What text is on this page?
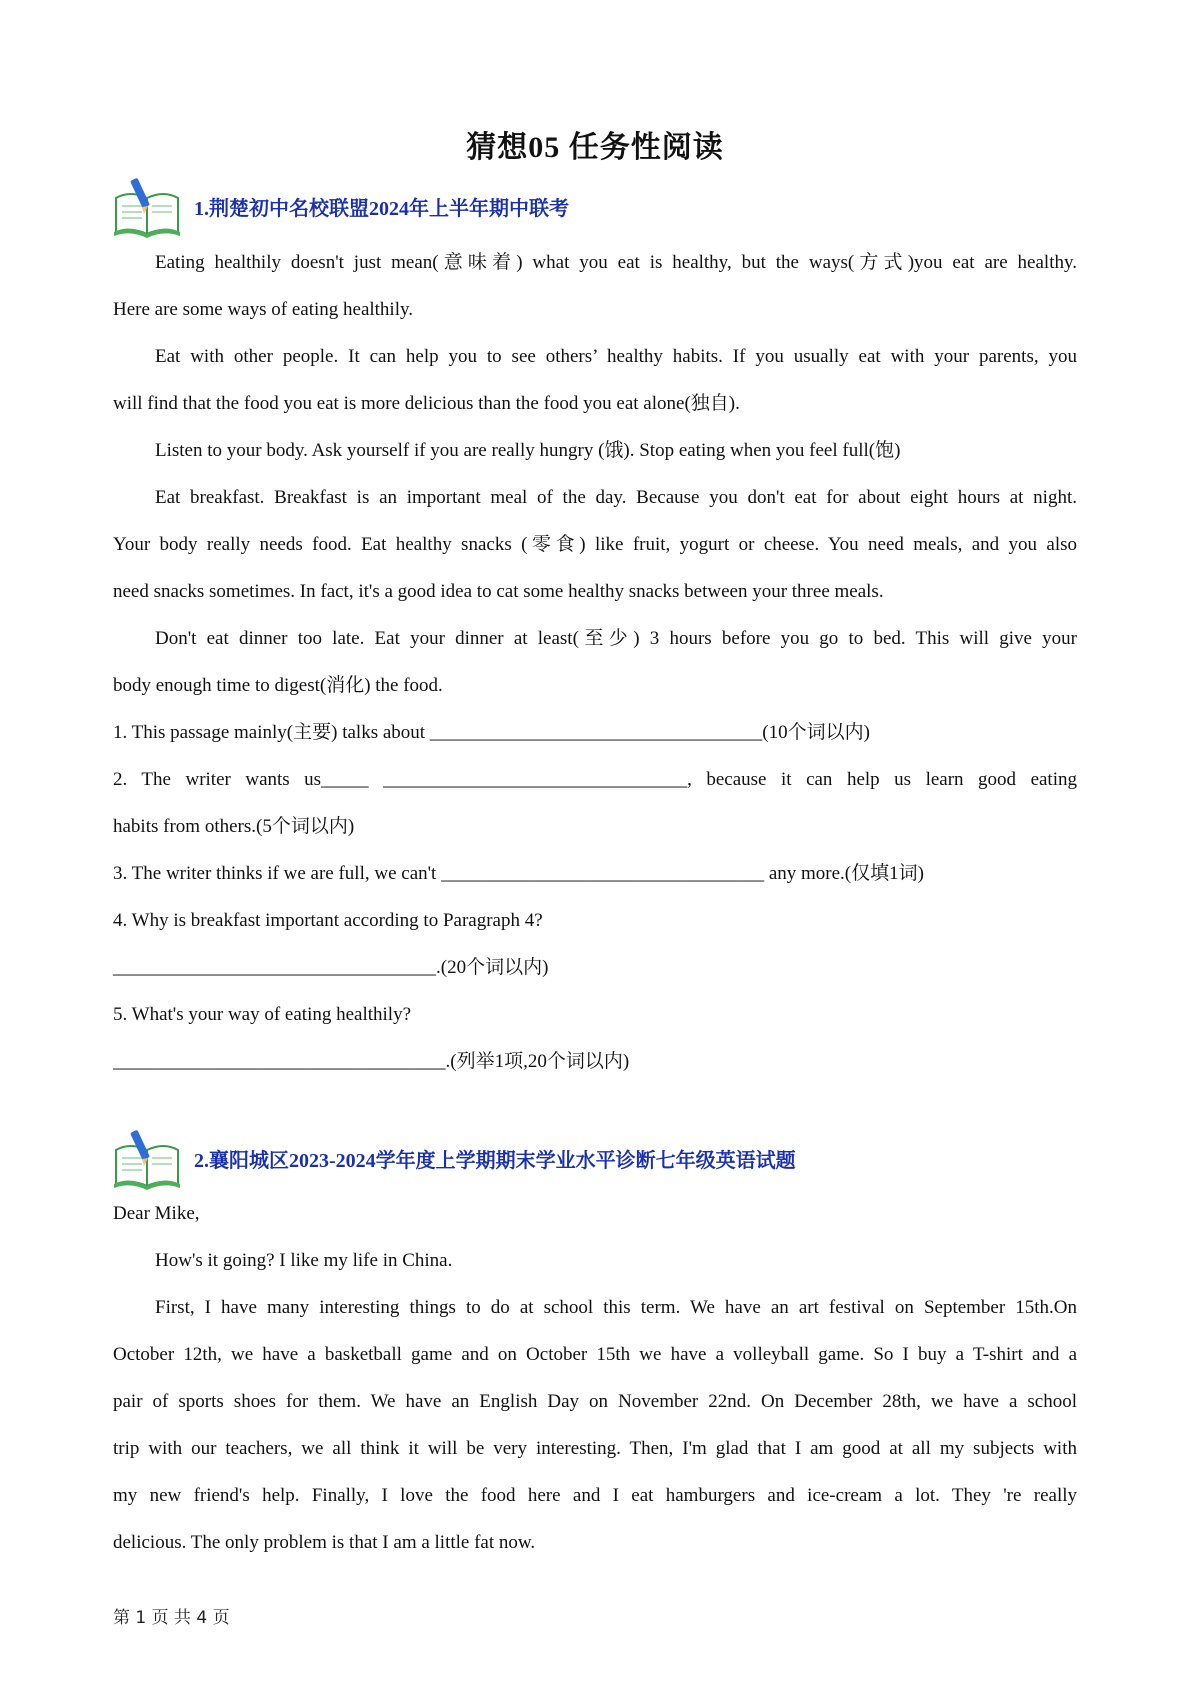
猜想05 任务性阅读
1.荆楚初中名校联盟2024年上半年期中联考
Eating healthily doesn't just mean(意味着) what you eat is healthy, but the ways(方式)you eat are healthy.
Here are some ways of eating healthily.
Eat with other people. It can help you to see others’ healthy habits. If you usually eat with your parents, you
will find that the food you eat is more delicious than the food you eat alone(独自).
Listen to your body. Ask yourself if you are really hungry (饿). Stop eating when you feel full(饱)
Eat breakfast. Breakfast is an important meal of the day. Because you don't eat for about eight hours at night.
Your body really needs food. Eat healthy snacks (零食) like fruit, yogurt or cheese. You need meals, and you also
need snacks sometimes. In fact, it's a good idea to cat some healthy snacks between your three meals.
Don't eat dinner too late. Eat your dinner at least(至少) 3 hours before you go to bed. This will give your
body enough time to digest(消化) the food.
1. This passage mainly(主要) talks about ___________________________________(10个词以内)
2. The writer wants us_____ ________________________________, because it can help us learn good eating
habits from others.(5个词以内)
3. The writer thinks if we are full, we can't __________________________________ any more.(仅填1词)
4. Why is breakfast important according to Paragraph 4?
__________________________________.(20个词以内)
5. What's your way of eating healthily?
___________________________________.(列举1项,20个词以内)
2.襄阳城区2023-2024学年度上学期期末学业水平诊断七年级英语试题
Dear Mike,
How's it going? I like my life in China.
First, I have many interesting things to do at school this term. We have an art festival on September 15th.On
October 12th, we have a basketball game and on October 15th we have a volleyball game. So I buy a T-shirt and a
pair of sports shoes for them. We have an English Day on November 22nd. On December 28th, we have a school
trip with our teachers, we all think it will be very interesting. Then, I'm glad that I am good at all my subjects with
my new friend's help. Finally, I love the food here and I eat hamburgers and ice-cream a lot. They 're really
delicious. The only problem is that I am a little fat now.
第 1 页 共 4 页
